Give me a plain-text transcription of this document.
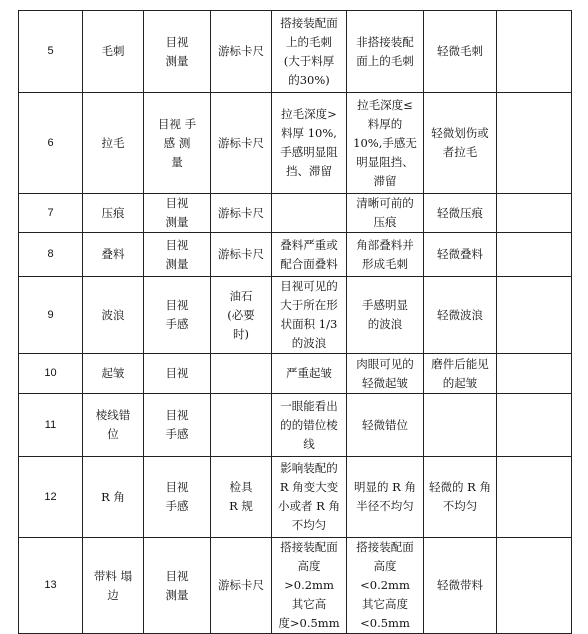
5	毛刺	目视
测量	游标卡尺	搭接装配面
上的毛刺
(大于料厚
的30%)	非搭接装配
面上的毛刺	轻微毛刺	
6	拉毛	目视 手
感 测
量	游标卡尺	拉毛深度>
料厚 10%,
手感明显阻
挡、滞留	拉毛深度≤
料厚的
10%,手感无
明显阻挡、
滞留	轻微划伤或
者拉毛	
7	压痕	目视
测量	游标卡尺		清晰可前的
压痕	轻微压痕	
8	叠料	目视
测量	游标卡尺	叠料严重或
配合面叠料	角部叠料并
形成毛刺	轻微叠料	
9	波浪	目视
手感	油石
(必要
时)	目视可见的
大于所在形
状面积 1/3
的波浪	手感明显
的波浪	轻微波浪	
10	起皱	目视		严重起皱	肉眼可见的
轻微起皱	磨件后能见
的起皱	
11	棱线错
位	目视
手感		一眼能看出
的的错位棱
线	轻微错位		
12	R 角	目视
手感	检具
R 规	影响装配的
R 角变大变
小或者 R 角
不均匀	明显的 R 角
半径不均匀	轻微的 R 角
不均匀	
13	带料 塌
边	目视
测量	游标卡尺	搭接装配面
高度>0.2mm
其它高
度>0.5mm	搭接装配面
高度<0.2mm
其它高度
<0.5mm	轻微带料	
